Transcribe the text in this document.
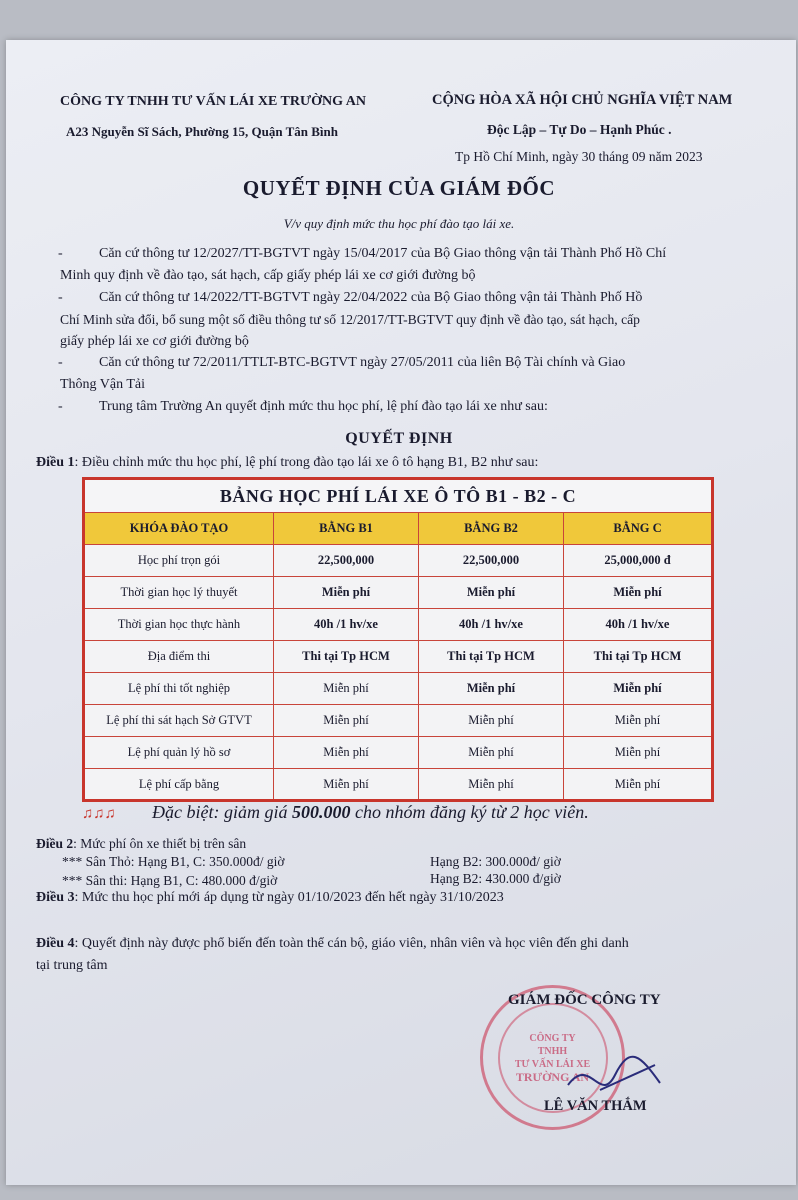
CÔNG TY TNHH TƯ VẤN LÁI XE TRƯỜNG AN
A23 Nguyễn Sĩ Sách, Phường 15, Quận Tân Bình
CỘNG HÒA XÃ HỘI CHỦ NGHĨA VIỆT NAM
Độc Lập – Tự Do – Hạnh Phúc .
Tp Hồ Chí Minh, ngày 30 tháng 09 năm 2023
QUYẾT ĐỊNH CỦA GIÁM ĐỐC
V/v quy định mức thu học phí đào tạo lái xe.
-	Căn cứ thông tư 12/2027/TT-BGTVT ngày 15/04/2017 của Bộ Giao thông vận tải Thành Phố Hồ Chí
Minh quy định về đào tạo, sát hạch, cấp giấy phép lái xe cơ giới đường bộ
-	Căn cứ thông tư 14/2022/TT-BGTVT ngày 22/04/2022 của Bộ Giao thông vận tải Thành Phố Hồ
Chí Minh sửa đổi, bổ sung một số điều thông tư số 12/2017/TT-BGTVT quy định về đào tạo, sát hạch, cấp
giấy phép lái xe cơ giới đường bộ
-	Căn cứ thông tư 72/2011/TTLT-BTC-BGTVT ngày 27/05/2011 của liên Bộ Tài chính và Giao
Thông Vận Tải
-	Trung tâm Trường An quyết định mức thu học phí, lệ phí đào tạo lái xe như sau:
QUYẾT ĐỊNH
Điều 1: Điều chỉnh mức thu học phí, lệ phí trong đào tạo lái xe ô tô hạng B1, B2 như sau:
BẢNG HỌC PHÍ LÁI XE Ô TÔ B1 - B2 - C			
KHÓA ĐÀO TẠO	BẰNG B1	BẰNG B2	BẰNG C
Học phí trọn gói	22,500,000	22,500,000	25,000,000 đ
Thời gian học lý thuyết	Miễn phí	Miễn phí	Miễn phí
Thời gian học thực hành	40h /1 hv/xe	40h /1 hv/xe	40h /1 hv/xe
Địa điểm thi	Thi tại Tp HCM	Thi tại Tp HCM	Thi tại Tp HCM
Lệ phí thi tốt nghiệp	Miễn phí	Miễn phí	Miễn phí
Lệ phí thi sát hạch Sở GTVT	Miễn phí	Miễn phí	Miễn phí
Lệ phí quản lý hồ sơ	Miễn phí	Miễn phí	Miễn phí
Lệ phí cấp bằng	Miễn phí	Miễn phí	Miễn phí
♫♫♫ Đặc biệt: giảm giá 500.000 cho nhóm đăng ký từ 2 học viên.
Điều 2: Mức phí ôn xe thiết bị trên sân
*** Sân Thỏ: Hạng B1, C: 350.000đ/ giờ	Hạng B2: 300.000đ/ giờ
*** Sân thi: Hạng B1, C: 480.000 đ/giờ	Hạng B2: 430.000 đ/giờ
Điều 3: Mức thu học phí mới áp dụng từ ngày 01/10/2023 đến hết ngày 31/10/2023
Điều 4: Quyết định này được phổ biến đến toàn thể cán bộ, giáo viên, nhân viên và học viên đến ghi danh
tại trung tâm
CÔNG TY
TNHH
TƯ VẤN LÁI XE
TRƯỜNG AN
GIÁM ĐỐC CÔNG TY
LÊ VĂN THẮM
